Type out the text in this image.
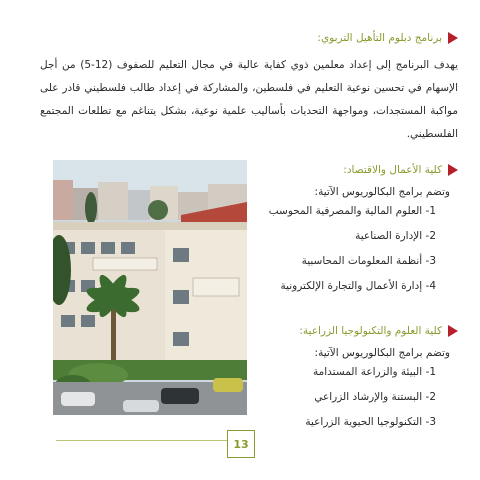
برنامج دبلوم التأهيل التربوي:
يهدف البرنامج إلى إعداد معلمين ذوي كفاية عالية في مجال التعليم للصفوف (12-5) من أجل الإسهام في تحسين نوعية التعليم في فلسطين، والمشاركة في إعداد طالب فلسطيني قادر على مواكبة المستجدات، ومواجهة التحديات بأساليب علمية نوعية، بشكل يتناغم مع تطلعات المجتمع الفلسطيني.
كلية الأعمال والاقتصاد:
وتضم برامج البكالوريوس الآتية:
1- العلوم المالية والمصرفية المحوسب
2- الإدارة الصناعية
3- أنظمة المعلومات المحاسبية
4- إدارة الأعمال والتجارة الإلكترونية
كلية العلوم والتكنولوجيا الزراعية:
وتضم برامج البكالوريوس الآتية:
1- البيئة والزراعة المستدامة
2- البستنة والإرشاد الزراعي
3- التكنولوجيا الحيوية الزراعية
13
